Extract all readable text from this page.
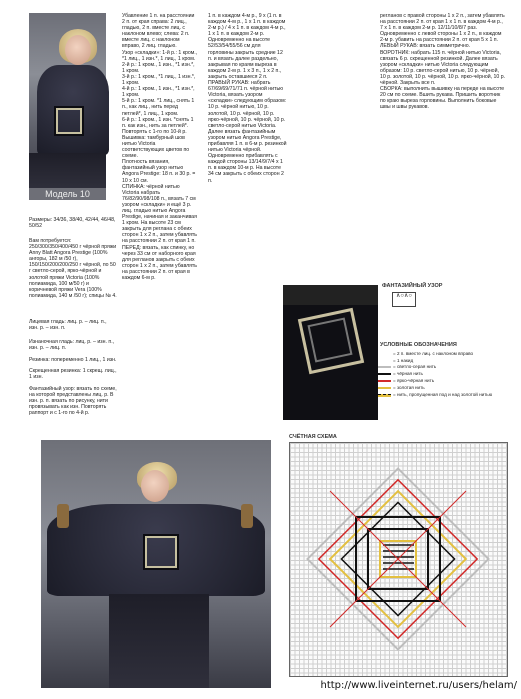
Модель 10
Размеры: 34/36, 38/40, 42/44, 46/48, 50/52
Вам потребуется: 250/300/350/400/450 г чёрной пряжи Anny Blatt Angora Prestige (100% ангоры, 182 м /50 г), 150/150/200/200/250 г чёрной, по 50 г светло-серой, ярко-чёрной и золотой пряжи Victoria (100% полиамида, 100 м/50 г) и коричневой пряжи Vera (100% полиамида, 140 м /50 г); спицы № 4.
Лицевая гладь: лиц. р. – лиц. п., изн. р. – изн. п.
Изнаночная гладь: лиц. р. – изн. п., изн. р. – лиц. п.
Резинка: попеременно 1 лиц., 1 изн.
Скрещенная резинка: 1 скрещ. лиц., 1 изн.
Фантазийный узор: вязать по схеме, на которой представлены лиц. р. В изн. р. п. вязать по рисунку, нити провязывать как изн. Повторять раппорт и с 1-го по 4-й р.
Убавление 1 п. на расстоянии 2 п. от края справа: 2 лиц., гладью, 2 п. вместе лиц. с наклоном влево; слева: 2 п. вместе лиц. с наклоном вправо, 2 лиц. гладью.
Узор «складки»: 1-й р.: 1 кром., *1 лиц., 1 изн.*, 1 лиц., 1 кром.
2-й р.: 1 кром., 1 изн., *1 изн.*, 1 кром.
3-й р.: 1 кром., *1 лиц., 1 изн.*, 1 кром.
4-й р.: 1 кром., 1 изн., *1 изн.*, 1 кром.
5-й р.: 1 кром. *1 лиц., снять 1 п., как лиц., нить перед петлей*, 1 лиц., 1 кром.
6-й р.: 1 кром., 1 изн. *снять 1 п. как изн., нить за петлей*.
Повторять с 1-го по 10-й р.
Вышивка: тамбурный шов нитью Victoria соответствующих цветов по схеме.
Плотность вязания, фантазийный узор нитью Angora Prestige: 18 п. и 30 р. = 10 х 10 см.
СПИНКА: чёрной нитью Victoria набрать 76/82/90/98/108 п., вязать 7 см узором «складки» и ещё 3 р. лиц. гладью нитью Angora Prestige, начиная и заканчивая 1 кром. На высоте 23 см закрыть для реглана с обеих сторон 1 х 2 п., затем убавлять на расстоянии 2 п. от края 1 п.
ПЕРЕД: вязать, как спинку, но через 33 см от наборного края для регланов закрыть с обеих сторон 1 х 2 п., затем убавлять на расстоянии 2 п. от края в каждом 6-м р.
1 п. в каждом 4-м р., 9 х (1 п. в каждом 4-м р., 1 х 1 п. в каждом 2-м р.) / 4 х 1 п. в каждом 4-м р., 1 х 1 п. в каждом 2-м р.
Одновременно на высоте 52/53/54/55/56 см для горловины закрыть средние 12 п. и вязать далее раздельно, закрывая по краям выреза в каждом 2-м р. 1 х 3 п., 1 х 2 п., закрыть оставшиеся 2 п.
ПРАВЫЙ РУКАВ: набрать 67/69/69/71/71 п. чёрной нитью Victoria, вязать узором «складки» следующим образом: 10 р. чёрной нитью, 10 р. золотой, 10 р. чёрной, 10 р. ярко-чёрной, 10 р. чёрной, 10 р. светло-серой нитью Victoria. Далее вязать фантазийным узором нитью Angora Prestige, прибавляя 1 п. в 6-м р. резинкой нитью Victoria чёрной. Одновременно прибавлять с каждой стороны 13/14/9/7/4 х 1 п. в каждом 10-м р. На высоте 34 см закрыть с обеих сторон 2 п.
регланов с правой стороны 1 х 2 п., затем убавлять на расстоянии 2 п. от края 1 х 1 п. в каждом 4-м р., 7 х 1 п. в каждом 2-м р. 12/11/10/8/7 раз.
Одновременно с левой стороны 1 х 2 п., в каждом 2-м р. убавить на расстоянии 2 п. от края 5 х 1 п.
ЛЕВЫЙ РУКАВ: вязать симметрично.
ВОРОТНИК: набрать 115 п. чёрной нитью Victoria, связать 6 р. скрещенной резинкой. Далее вязать узором «складки» нитью Victoria следующим образом: 10 р. светло-серой нитью, 10 р. чёрной, 10 р. золотой, 10 р. чёрной, 10 р. ярко-чёрной, 10 р. чёрной. Закрыть все п.
СБОРКА: выполнить вышивку на переде на высоте 20 см по схеме. Вшить рукава. Пришить воротник по краю выреза горловины. Выполнить боковые швы и швы рукавов.
ФАНТАЗИЙНЫЙ УЗОР
∧○∧○
УСЛОВНЫЕ ОБОЗНАЧЕНИЯ
= 2 п. вместе лиц. с наклоном вправо
= 1 накид
= светло-серая нить
= чёрная нить
= ярко-чёрная нить
= золотая нить
= нить, пропущенная под и над золотой нитью
СЧЁТНАЯ СХЕМА
http://www.liveinternet.ru/users/helam/
